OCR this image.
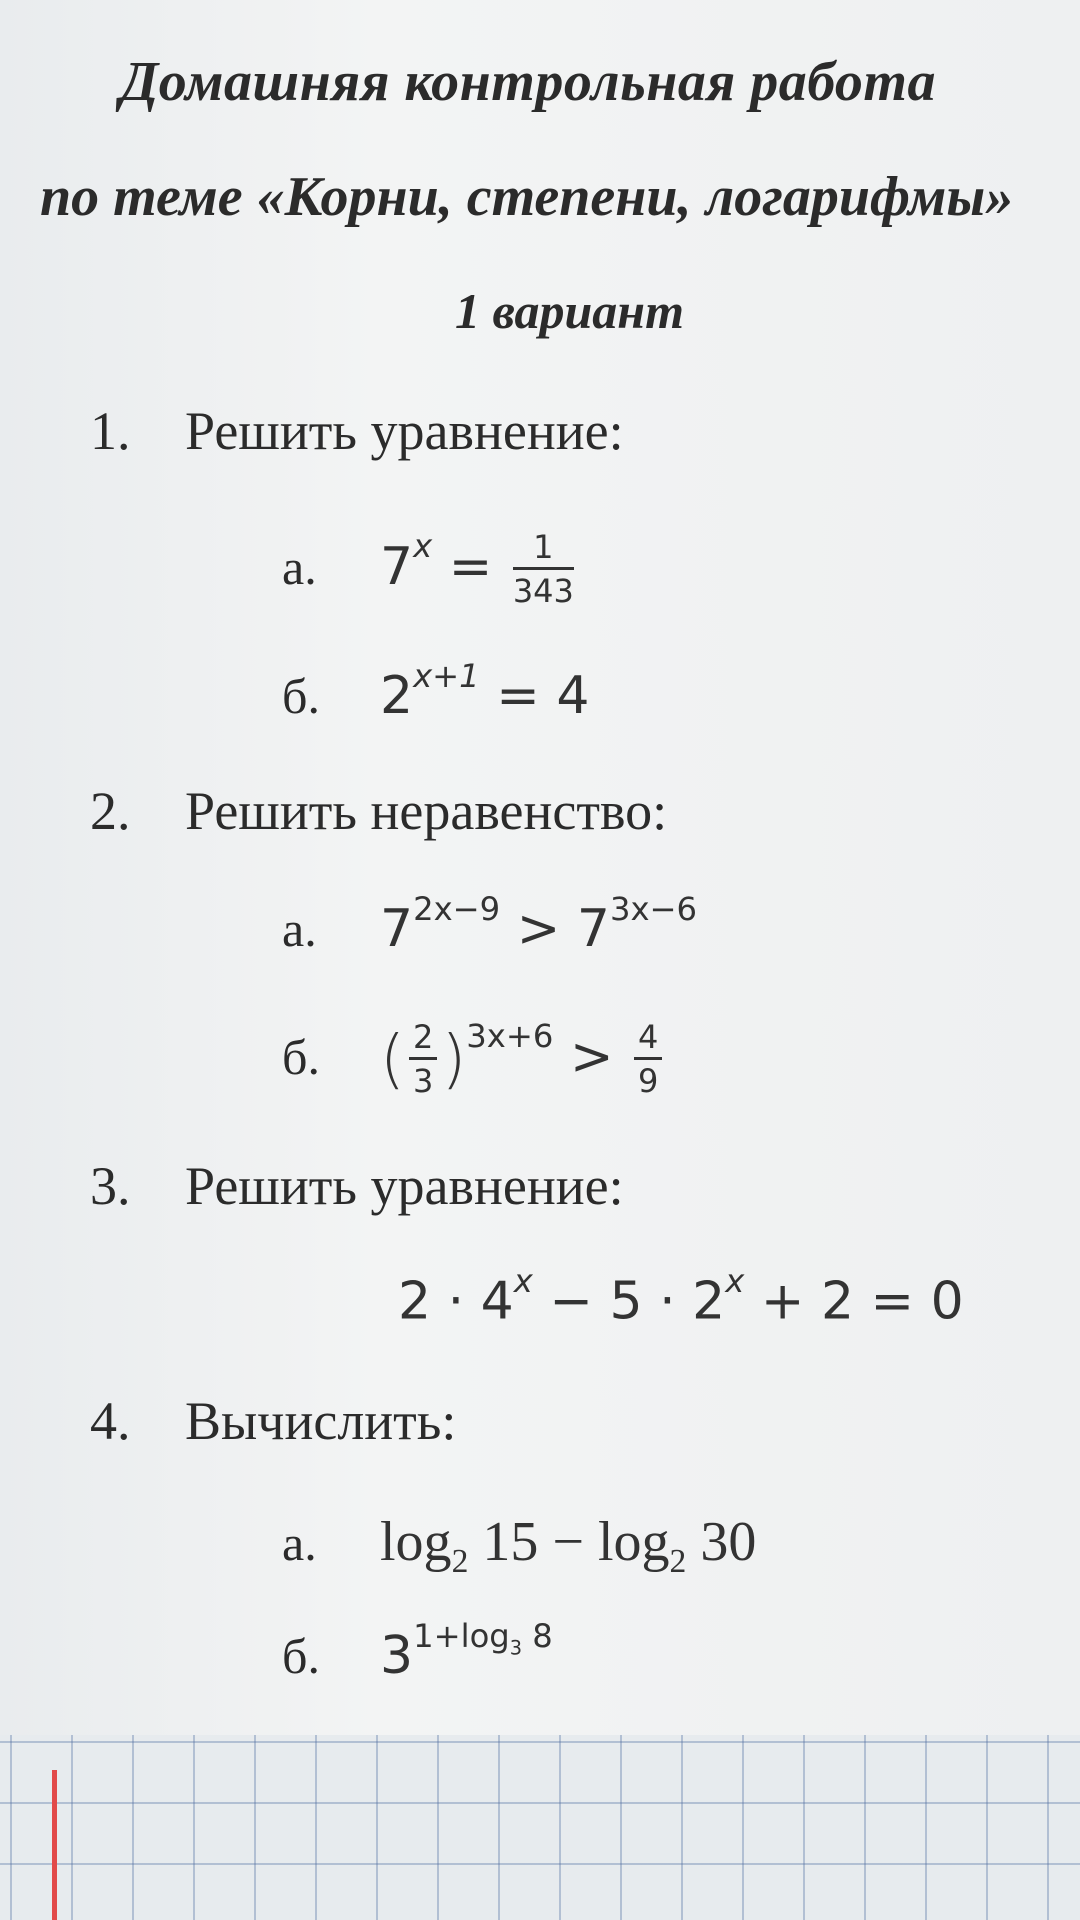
Домашняя контрольная работа
по теме «Корни, степени, логарифмы»
1 вариант
1. Решить уравнение:
а. $7^x = \frac{1}{343}$
б. $2^{x+1} = 4$
2. Решить неравенство:
а. $7^{2x-9} > 7^{3x-6}$
б. ( $\frac{2}{3} )^{3x+6} > \frac{4}{9}$
3. Решить уравнение:
$2 \cdot 4^x - 5 \cdot 2^x + 2 = 0$
4. Вычислить:
а. $\log_2 15 - \log_2 30$
б. $3^{1+log_3 8}$
